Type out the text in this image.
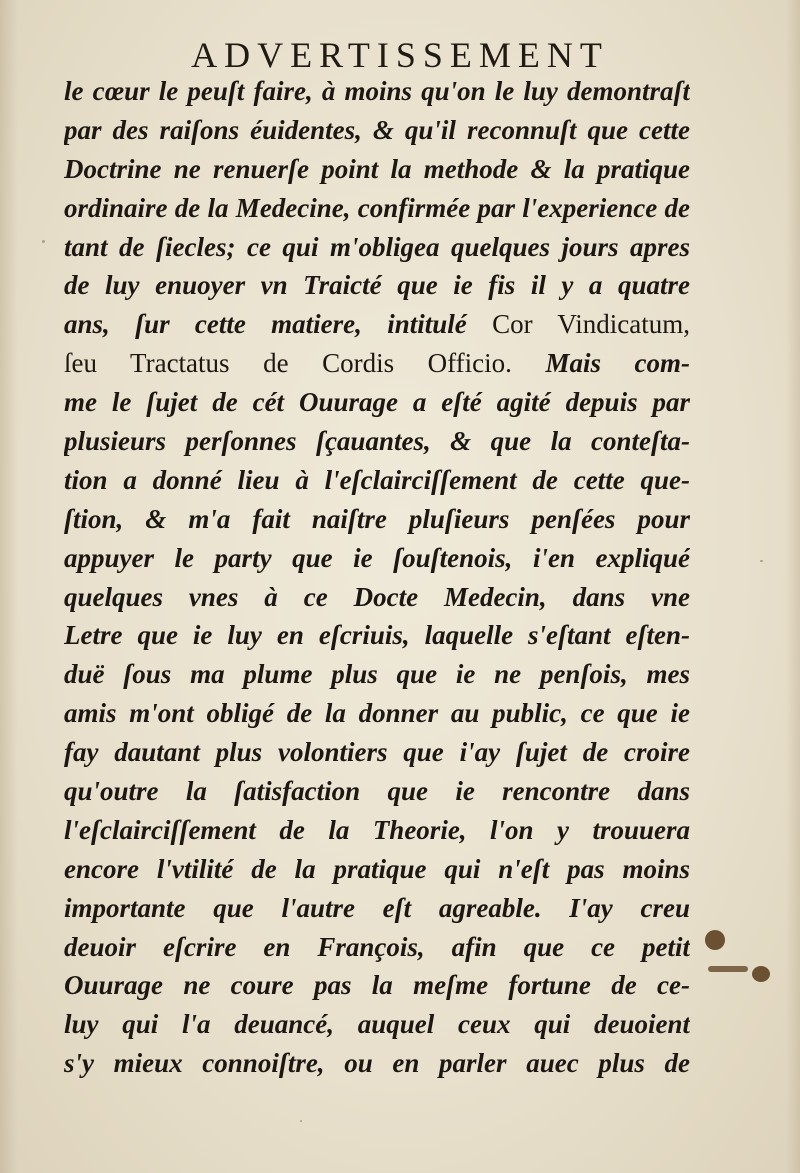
ADVERTISSEMENT
le cœur le peuſt faire, à moins qu'on le luy demontraſt
par des raiſons éuidentes, & qu'il reconnuſt que cette
Doctrine ne renuerſe point la methode & la pratique
ordinaire de la Medecine, confirmée par l'experience de
tant de ſiecles; ce qui m'obligea quelques jours apres
de luy enuoyer vn Traicté que ie fis il y a quatre
ans, ſur cette matiere, intitulé Cor Vindicatum,
ſeu Tractatus de Cordis Officio. Mais com-
me le ſujet de cét Ouurage a eſté agité depuis par
plusieurs perſonnes ſçauantes, & que la conteſta-
tion a donné lieu à l'eſclairciſſement de cette que-
ſtion, & m'a fait naiſtre pluſieurs penſées pour
appuyer le party que ie ſouſtenois, i'en expliqué
quelques vnes à ce Docte Medecin, dans vne
Letre que ie luy en eſcriuis, laquelle s'eſtant eſten-
duë ſous ma plume plus que ie ne penſois, mes
amis m'ont obligé de la donner au public, ce que ie
fay dautant plus volontiers que i'ay ſujet de croire
qu'outre la ſatisfaction que ie rencontre dans
l'eſclairciſſement de la Theorie, l'on y trouuera
encore l'vtilité de la pratique qui n'eſt pas moins
importante que l'autre eſt agreable. I'ay creu
deuoir eſcrire en François, afin que ce petit
Ouurage ne coure pas la meſme fortune de ce-
luy qui l'a deuancé, auquel ceux qui deuoient
s'y mieux connoiſtre, ou en parler auec plus de
